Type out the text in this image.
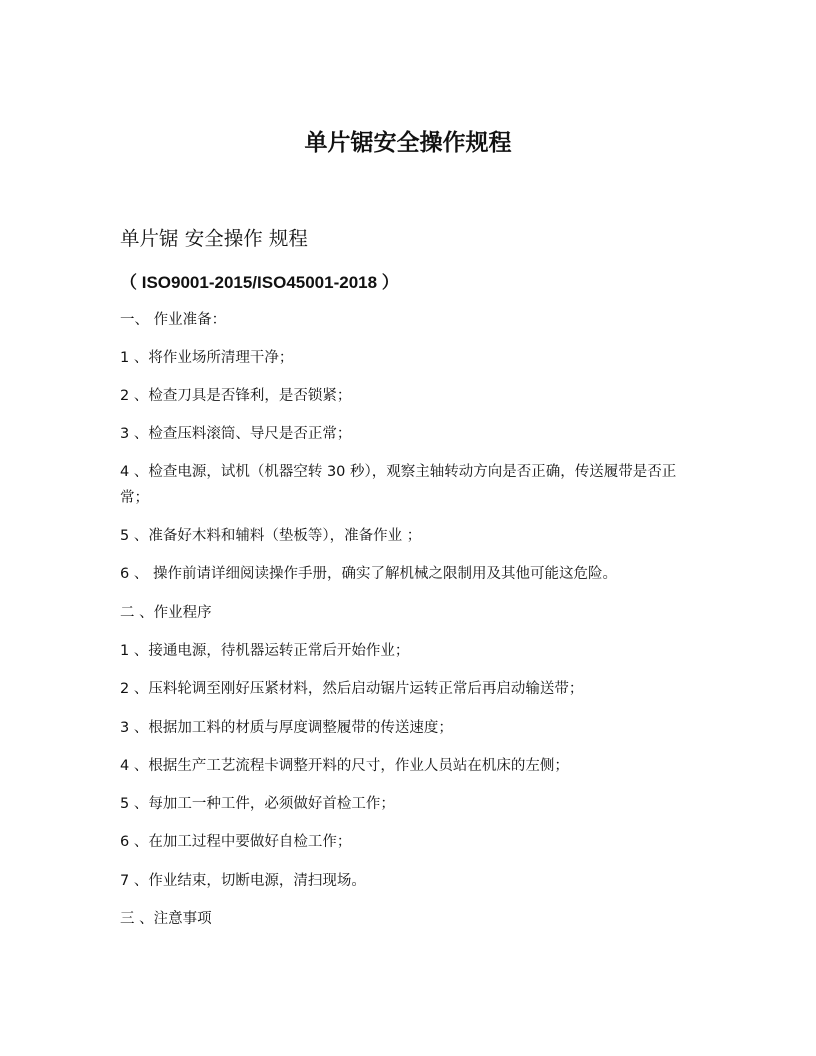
单片锯安全操作规程
单片锯 安全操作 规程
（ ISO9001-2015/ISO45001-2018 ）
一、 作业准备：
1 、将作业场所清理干净；
2 、检查刀具是否锋利，是否锁紧；
3 、检查压料滚筒、导尺是否正常；
4 、检查电源，试机（机器空转 30 秒），观察主轴转动方向是否正确，传送履带是否正常；
5 、准备好木料和辅料（垫板等），准备作业 ；
6 、 操作前请详细阅读操作手册，确实了解机械之限制用及其他可能这危险。
二 、作业程序
1 、接通电源，待机器运转正常后开始作业；
2 、压料轮调至刚好压紧材料，然后启动锯片运转正常后再启动输送带；
3 、根据加工料的材质与厚度调整履带的传送速度；
4 、根据生产工艺流程卡调整开料的尺寸，作业人员站在机床的左侧；
5 、每加工一种工件，必须做好首检工作；
6 、在加工过程中要做好自检工作；
7 、作业结束，切断电源，清扫现场。
三 、注意事项
